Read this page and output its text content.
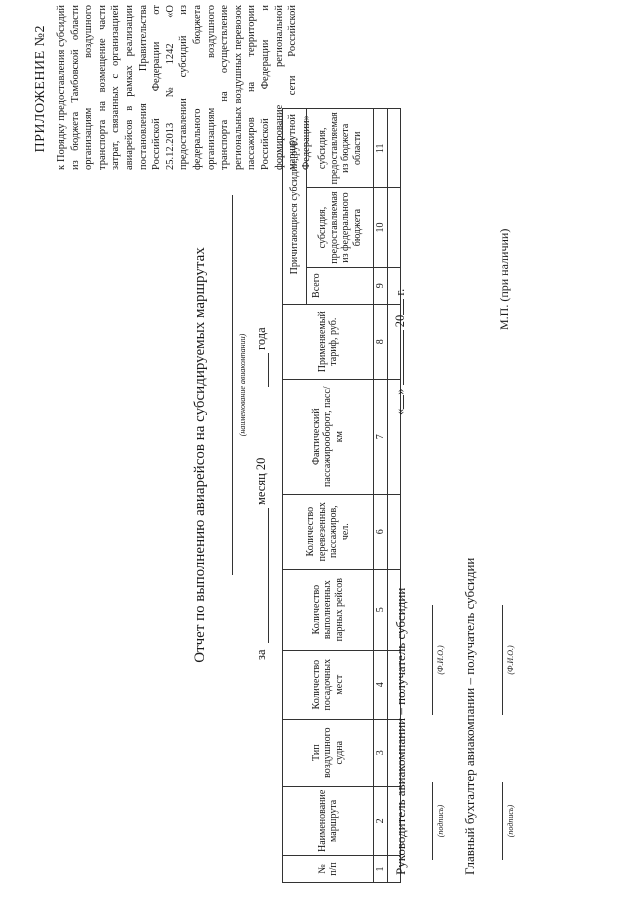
ПРИЛОЖЕНИЕ №2 к Порядку предоставления субсидий из бюджета Тамбовской области организациям воздушного транспорта на возмещение части затрат, связанных с организацией авиарейсов в рамках реализации постановления Правительства Российской Федерации от 25.12.2013 №1242 «О предоставлении субсидий из федерального бюджета организациям воздушного транспорта на осуществление региональных воздушных перевозок пассажиров на территории Российской Федерации и формирование региональной маршрутной сети Российской Федерации»
Отчет по выполнению авиарейсов на субсидируемых маршрутах	(наименование авиакомпании)
за
месяц 20
года
№ п/п	Наименование маршрута	Тип воздушного судна	Количество посадочных мест	Количество выполненных парных рейсов	Количество перевезенных пассажиров, чел.	Фактический пассажирооборот, пасс/км	Применяемый тариф, руб.	Причитающиеся субсидии, руб.		
								Всего	субсидия, предоставляемая из федерального бюджета	субсидия, предоставляемая из бюджета области
1	2	3	4	5	6	7	8	9	10	11

Руководитель авиакомпании – получатель субсидии	(подпись)
(Ф.И.О.) Главный бухгалтер авиакомпании – получатель субсидии	(подпись)
(Ф.И.О.)
«»  20 г.	М.П. (при наличии)
